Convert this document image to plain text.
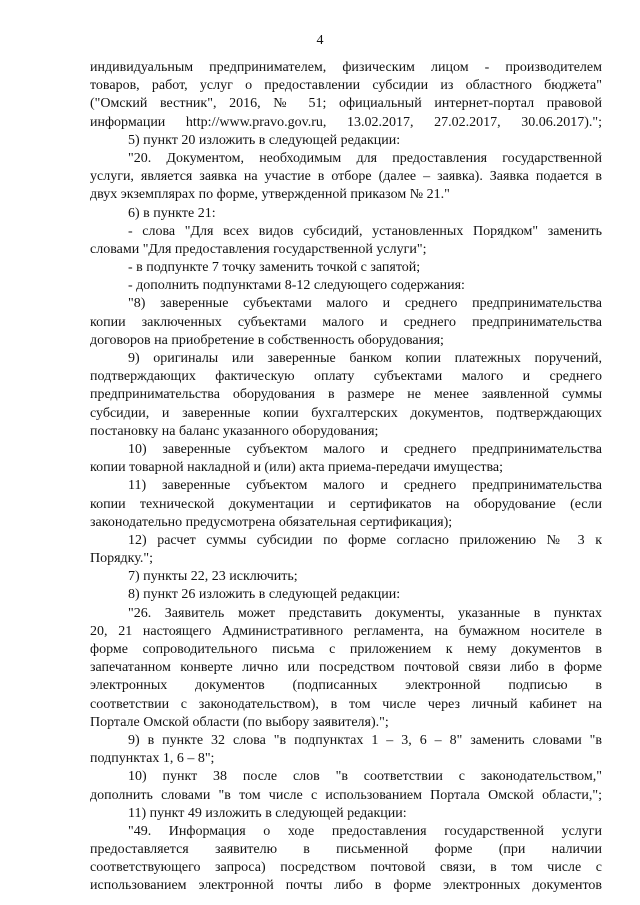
4
индивидуальным предпринимателем, физическим лицом - производителем
товаров, работ, услуг о предоставлении субсидии из областного бюджета"
("Омский вестник", 2016, № 51; официальный интернет-портал правовой
информации http://www.pravo.gov.ru, 13.02.2017, 27.02.2017, 30.06.2017).";
5) пункт 20 изложить в следующей редакции:
"20. Документом, необходимым для предоставления государственной
услуги, является заявка на участие в отборе (далее – заявка). Заявка подается в
двух экземплярах по форме, утвержденной приказом № 21."
6) в пункте 21:
- слова "Для всех видов субсидий, установленных Порядком" заменить
словами "Для предоставления государственной услуги";
- в подпункте 7 точку заменить точкой с запятой;
- дополнить подпунктами 8-12 следующего содержания:
"8) заверенные субъектами малого и среднего предпринимательства
копии заключенных субъектами малого и среднего предпринимательства
договоров на приобретение в собственность оборудования;
9) оригиналы или заверенные банком копии платежных поручений,
подтверждающих фактическую оплату субъектами малого и среднего
предпринимательства оборудования в размере не менее заявленной суммы
субсидии, и заверенные копии бухгалтерских документов, подтверждающих
постановку на баланс указанного оборудования;
10) заверенные субъектом малого и среднего предпринимательства
копии товарной накладной и (или) акта приема-передачи имущества;
11) заверенные субъектом малого и среднего предпринимательства
копии технической документации и сертификатов на оборудование (если
законодательно предусмотрена обязательная сертификация);
12) расчет суммы субсидии по форме согласно приложению № 3 к
Порядку.";
7) пункты 22, 23 исключить;
8) пункт 26 изложить в следующей редакции:
"26. Заявитель может представить документы, указанные в пунктах
20, 21 настоящего Административного регламента, на бумажном носителе в
форме сопроводительного письма с приложением к нему документов в
запечатанном конверте лично или посредством почтовой связи либо в форме
электронных документов (подписанных электронной подписью в
соответствии с законодательством), в том числе через личный кабинет на
Портале Омской области (по выбору заявителя).";
9) в пункте 32 слова "в подпунктах 1 – 3, 6 – 8" заменить словами "в
подпунктах 1, 6 – 8";
10) пункт 38 после слов "в соответствии с законодательством,"
дополнить словами "в том числе с использованием Портала Омской области,";
11) пункт 49 изложить в следующей редакции:
"49. Информация о ходе предоставления государственной услуги
предоставляется заявителю в письменной форме (при наличии
соответствующего запроса) посредством почтовой связи, в том числе с
использованием электронной почты либо в форме электронных документов
